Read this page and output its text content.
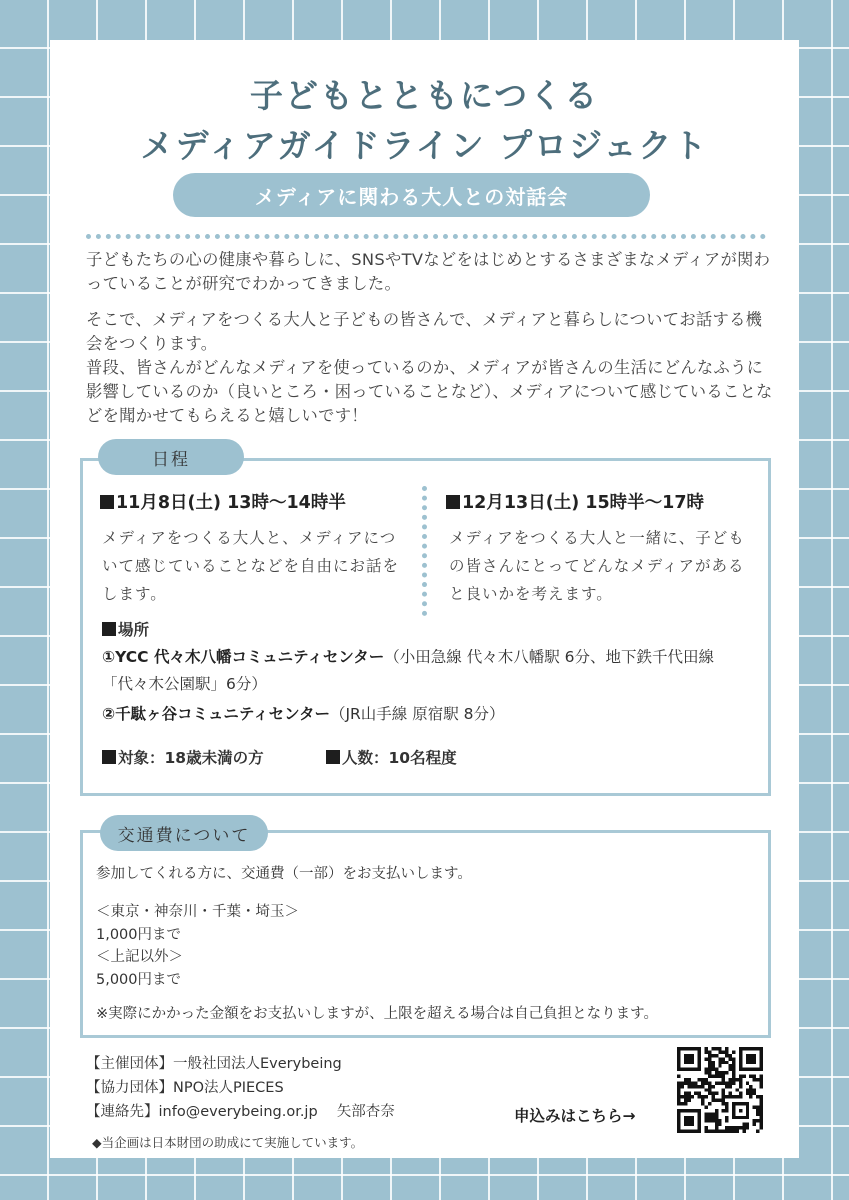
子どもとともにつくる
メディアガイドライン プロジェクト
メディアに関わる大人との対話会
子どもたちの心の健康や暮らしに、SNSやTVなどをはじめとするさまざまなメディアが関わっていることが研究でわかってきました。
そこで、メディアをつくる大人と子どもの皆さんで、メディアと暮らしについてお話する機会をつくります。
普段、皆さんがどんなメディアを使っているのか、メディアが皆さんの生活にどんなふうに影響しているのか（良いところ・困っていることなど）、メディアについて感じていることなどを聞かせてもらえると嬉しいです！
日程
11月8日(土) 13時～14時半	12月13日(土) 15時半～17時
メディアをつくる大人と、メディアについて感じていることなどを自由にお話をします。
メディアをつくる大人と一緒に、子どもの皆さんにとってどんなメディアがあると良いかを考えます。
場所
①YCC 代々木八幡コミュニティセンター（小田急線 代々木八幡駅 6分、地下鉄千代田線「代々木公園駅」6分）
②千駄ヶ谷コミュニティセンター（JR山手線 原宿駅 8分）
対象：18歳未満の方	人数：10名程度
交通費について
参加してくれる方に、交通費（一部）をお支払いします。
＜東京・神奈川・千葉・埼玉＞
1,000円まで
＜上記以外＞
5,000円まで
※実際にかかった金額をお支払いしますが、上限を超える場合は自己負担となります。
【主催団体】一般社団法人Everybeing
【協力団体】NPO法人PIECES
【連絡先】info@everybeing.or.jp　 矢部杏奈
◆当企画は日本財団の助成にて実施しています。
申込みはこちら→
